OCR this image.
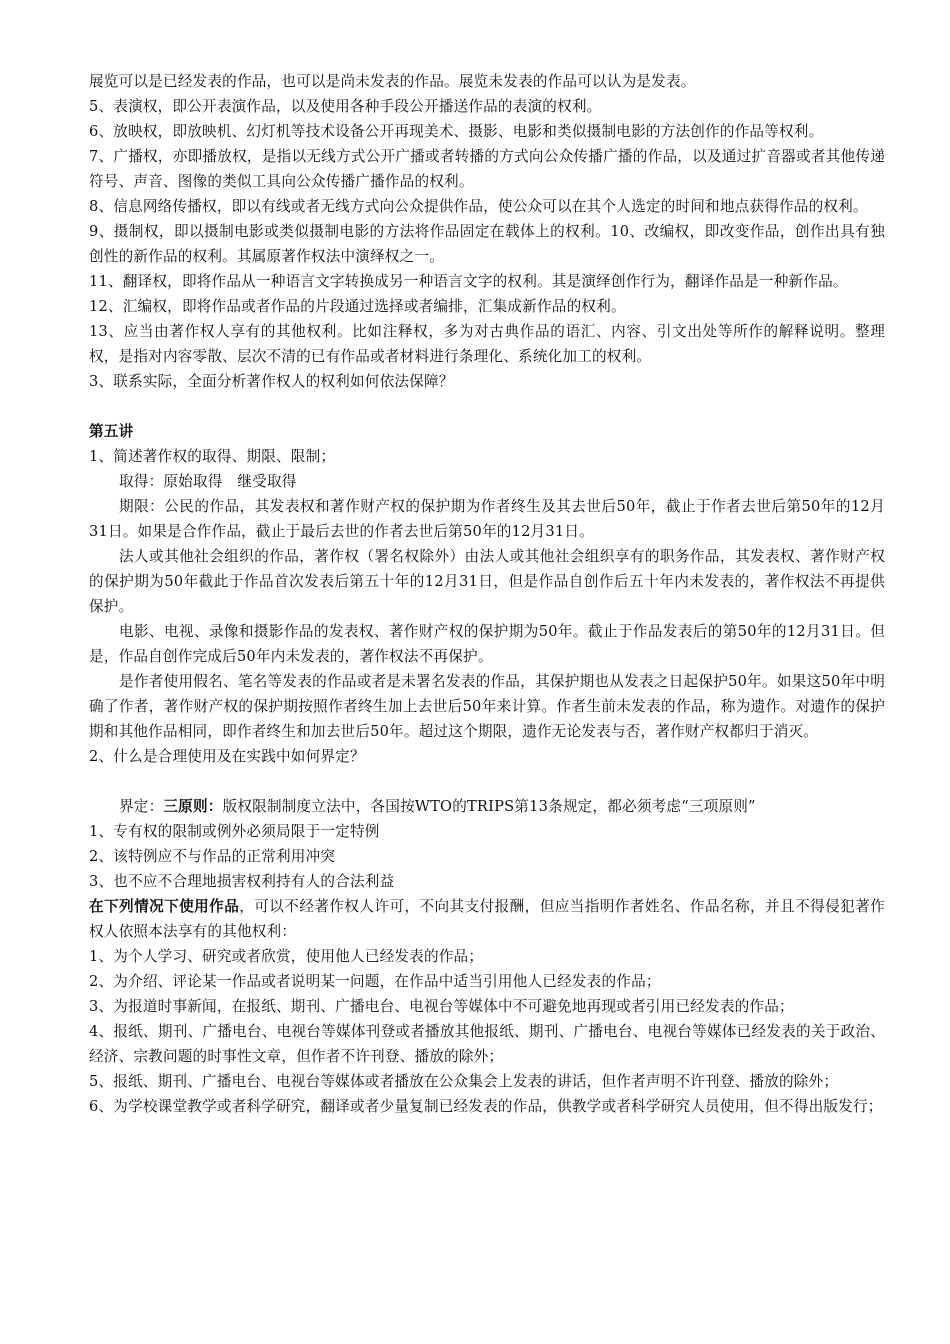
展览可以是已经发表的作品，也可以是尚未发表的作品。展览未发表的作品可以认为是发表。

5、表演权，即公开表演作品，以及使用各种手段公开播送作品的表演的权利。

6、放映权，即放映机、幻灯机等技术设备公开再现美术、摄影、电影和类似摄制电影的方法创作的作品等权利。

7、广播权，亦即播放权，是指以无线方式公开广播或者转播的方式向公众传播广播的作品，以及通过扩音器或者其他传递符号、声音、图像的类似工具向公众传播广播作品的权利。

8、信息网络传播权，即以有线或者无线方式向公众提供作品，使公众可以在其个人选定的时间和地点获得作品的权利。

9、摄制权，即以摄制电影或类似摄制电影的方法将作品固定在载体上的权利。10、改编权，即改变作品，创作出具有独创性的新作品的权利。其属原著作权法中演绎权之一。

11、翻译权，即将作品从一种语言文字转换成另一种语言文字的权利。其是演绎创作行为，翻译作品是一种新作品。

12、汇编权，即将作品或者作品的片段通过选择或者编排，汇集成新作品的权利。

13、应当由著作权人享有的其他权利。比如注释权，多为对古典作品的语汇、内容、引文出处等所作的解释说明。整理权，是指对内容零散、层次不清的已有作品或者材料进行条理化、系统化加工的权利。

3、联系实际，全面分析著作权人的权利如何依法保障？

第五讲

1、简述著作权的取得、期限、限制；

取得：原始取得　继受取得

期限：公民的作品，其发表权和著作财产权的保护期为作者终生及其去世后50年，截止于作者去世后第50年的12月31日。如果是合作作品，截止于最后去世的作者去世后第50年的12月31日。

法人或其他社会组织的作品，著作权（署名权除外）由法人或其他社会组织享有的职务作品，其发表权、著作财产权的保护期为50年截此于作品首次发表后第五十年的12月31日，但是作品自创作后五十年内未发表的，著作权法不再提供保护。

电影、电视、录像和摄影作品的发表权、著作财产权的保护期为50年。截止于作品发表后的第50年的12月31日。但是，作品自创作完成后50年内未发表的，著作权法不再保护。

是作者使用假名、笔名等发表的作品或者是未署名发表的作品，其保护期也从发表之日起保护50年。如果这50年中明确了作者，著作财产权的保护期按照作者终生加上去世后50年来计算。作者生前未发表的作品，称为遗作。对遗作的保护期和其他作品相同，即作者终生和加去世后50年。超过这个期限，遗作无论发表与否，著作财产权都归于消灭。

2、什么是合理使用及在实践中如何界定？

界定：三原则：版权限制制度立法中，各国按WTO的TRIPS第13条规定，都必须考虑“三项原则”

1、专有权的限制或例外必须局限于一定特例

2、该特例应不与作品的正常利用冲突

3、也不应不合理地损害权利持有人的合法利益

在下列情况下使用作品，可以不经著作权人许可，不向其支付报酬，但应当指明作者姓名、作品名称，并且不得侵犯著作权人依照本法享有的其他权利：

1、为个人学习、研究或者欣赏，使用他人已经发表的作品；

2、为介绍、评论某一作品或者说明某一问题，在作品中适当引用他人已经发表的作品；

3、为报道时事新闻，在报纸、期刊、广播电台、电视台等媒体中不可避免地再现或者引用已经发表的作品；

4、报纸、期刊、广播电台、电视台等媒体刊登或者播放其他报纸、期刊、广播电台、电视台等媒体已经发表的关于政治、经济、宗教问题的时事性文章，但作者不许刊登、播放的除外；

5、报纸、期刊、广播电台、电视台等媒体或者播放在公众集会上发表的讲话，但作者声明不许刊登、播放的除外；

6、为学校课堂教学或者科学研究，翻译或者少量复制已经发表的作品，供教学或者科学研究人员使用，但不得出版发行；
